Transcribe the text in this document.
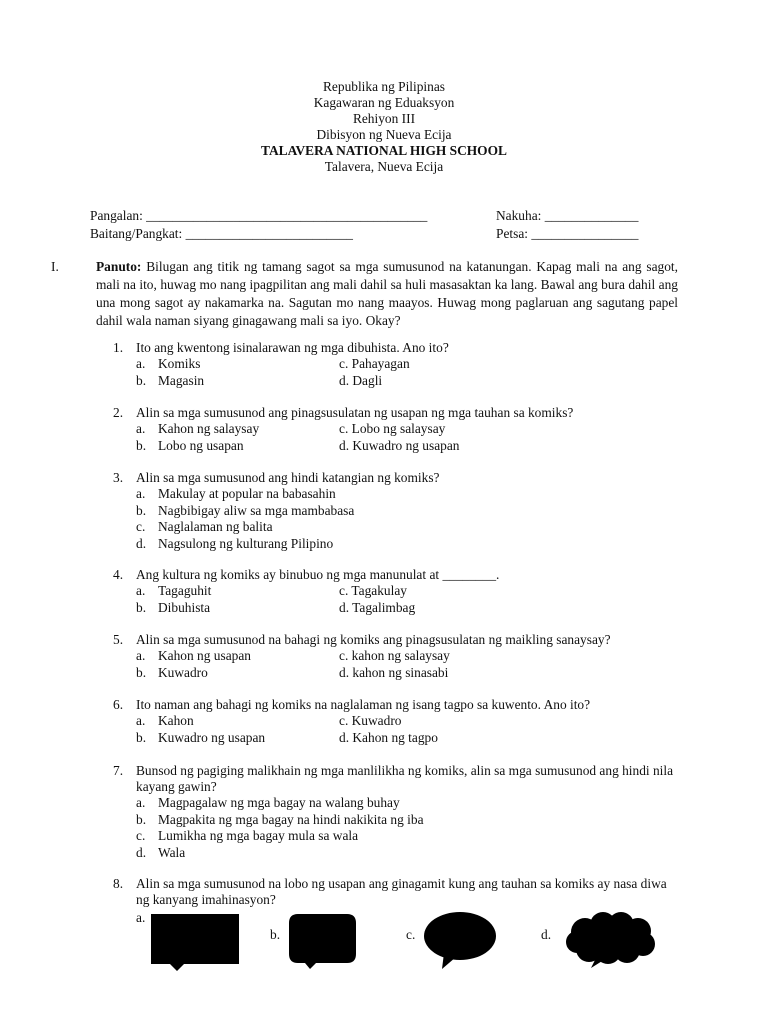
Republika ng Pilipinas
Kagawaran ng Eduaksyon
Rehiyon III
Dibisyon ng Nueva Ecija
TALAVERA NATIONAL HIGH SCHOOL
Talavera, Nueva Ecija
Pangalan: __________________________________________	Nakuha: ______________
Baitang/Pangkat: _________________________	Petsa: ________________
I.	Panuto: Bilugan ang titik ng tamang sagot sa mga sumusunod na katanungan. Kapag mali na ang sagot, mali na ito, huwag mo nang ipagpilitan ang mali dahil sa huli masasaktan ka lang. Bawal ang bura dahil ang una mong sagot ay nakamarka na. Sagutan mo nang maayos. Huwag mong paglaruan ang sagutang papel dahil wala naman siyang ginagawang mali sa iyo. Okay?
1. Ito ang kwentong isinalarawan ng mga dibuhista. Ano ito?
a. Komiks	c. Pahayagan
b. Magasin	d. Dagli
2. Alin sa mga sumusunod ang pinagsusulatan ng usapan ng mga tauhan sa komiks?
a. Kahon ng salaysay	c. Lobo ng salaysay
b. Lobo ng usapan	d. Kuwadro ng usapan
3. Alin sa mga sumusunod ang hindi katangian ng komiks?
a. Makulay at popular na babasahin
b. Nagbibigay aliw sa mga mambabasa
c. Naglalaman ng balita
d. Nagsulong ng kulturang Pilipino
4. Ang kultura ng komiks ay binubuo ng mga manunulat at ________.
a. Tagaguhit	c. Tagakulay
b. Dibuhista	d. Tagalimbag
5. Alin sa mga sumusunod na bahagi ng komiks ang pinagsusulatan ng maikling sanaysay?
a. Kahon ng usapan	c. kahon ng salaysay
b. Kuwadro	d. kahon ng sinasabi
6. Ito naman ang bahagi ng komiks na naglalaman ng isang tagpo sa kuwento. Ano ito?
a. Kahon	c. Kuwadro
b. Kuwadro ng usapan	d. Kahon ng tagpo
7. Bunsod ng pagiging malikhain ng mga manlilikha ng komiks, alin sa mga sumusunod ang hindi nila kayang gawin?
a. Magpagalaw ng mga bagay na walang buhay
b. Magpakita ng mga bagay na hindi nakikita ng iba
c. Lumikha ng mga bagay mula sa wala
d. Wala
8. Alin sa mga sumusunod na lobo ng usapan ang ginagamit kung ang tauhan sa komiks ay nasa diwa ng kanyang imahinasyon?
a.
b.	c.	d.
